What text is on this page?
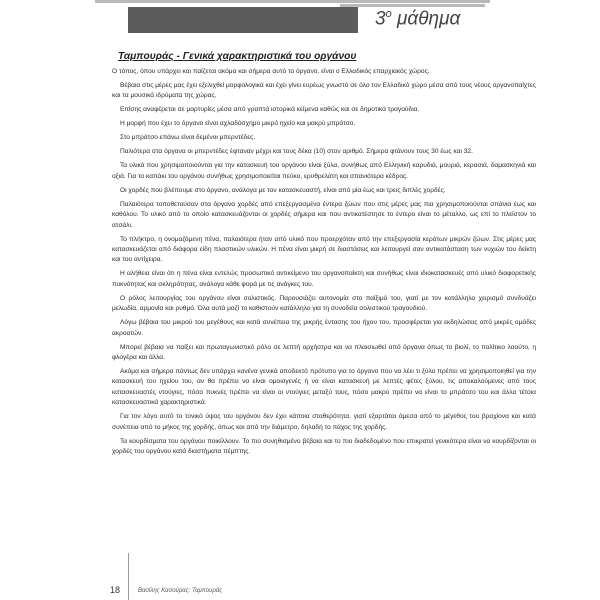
$3^o$ μάθημα
Ταμπουράς - Γενικά χαρακτηριστικά του οργάνου

Ο τόπος, όπου υπάρχει και παίζεται ακόμα και σήμερα αυτό το όργανο, είναι ο Ελλαδικός επαρχιακός χώρος.

Βέβαια στις μέρες μας έχει εξελιχθεί μορφολογικά και έχει γίνει ευρέως γνωστό σε όλο τον Ελλαδικό χώρο μέσα από τους νέους οργανοπαίχτες και τα μουσικά ιδρύματα της χώρας.

Επίσης αναφέρεται σε μαρτυρίες μέσα από γραπτά ιστορικά κείμενα καθώς και σε δημοτικά τραγούδια.

Η μορφή που έχει το όργανο είναι αχλαδόσχημο μικρό ηχείο και μακρύ μπράτσο.

Στο μπράτσο επάνω είναι δεμένοι μπερντέδες.

Παλιότερα στα όργανα οι μπερντέδες έφταναν μέχρι και τους δέκα (10) στον αριθμό. Σήμερα φτάνουν τους 30 έως και 32.

Τα υλικά που χρησιμοποιούνται για την κατασκευή του οργάνου είναι ξύλα, συνήθως από Ελληνική καρυδιά, μουριά, κερασιά, δαμασκηνιά και οξιά. Για το καπάκι του οργάνου συνήθως χρησιμοποιείται πεύκο, ερυθρελάτη και σπανιότερα κέδρος.

Οι χορδές που βλέπουμε στο όργανο, ανάλογα με τον κατασκευαστή, είναι από μία έως και τρεις διπλές χορδές.

Παλαιότερα τοποθετούσαν στα όργανα χορδές από επεξεργασμένα έντερα ζώων που στις μέρες μας πια χρησιμοποιούνται σπάνια έως και καθόλου. Το υλικό από το οποίο κατασκευάζονται οι χορδές σήμερα και που αντικατέστησε το έντερο είναι το μέταλλο, ως επί το πλείστον το ατσάλι.

Το πλήκτρο, η ονομαζόμενη πένα, παλαιότερα ήταν από υλικό που προερχόταν από την επεξεργασία κεράτων μικρών ζώων. Στις μέρες μας κατασκευάζεται από διάφορα είδη πλαστικών υλικών. Η πένα είναι μικρή σε διαστάσεις και λειτουργεί σαν αντικατάσταση των νυχιών του δείκτη και του αντίχειρα.

Η αλήθεια είναι ότι η πένα είναι εντελώς προσωπικό αντικείμενο του οργανοπαίκτη και συνήθως είναι ιδιοκατασκευές από υλικό διαφορετικής πυκνότητας και σκληρότητας, ανάλογα κάθε φορά με τις ανάγκες του.

Ο ρόλος λειτουργίας του οργάνου είναι σολιστικός. Παρουσιάζει αυτονομία στο παίξιμό του, γιατί με τον κατάλληλο χειρισμό συνδυάζει μελωδία, αρμονία και ρυθμό. Όλα αυτά μαζί το καθιστούν κατάλληλο για τη συνοδεία σολιστικού τραγουδιού.

Λόγω βέβαια του μικρού του μεγέθους και κατά συνέπεια της μικρής έντασης του ήχου του, προσφέρεται για εκδηλώσεις από μικρές ομάδες ακροατών.

Μπορεί βέβαια να παίξει και πρωταγωνιστικό ρόλο σε λεπτή ορχήστρα και να πλαισιωθεί από όργανα όπως το βιολί, το πολίτικο λαούτο, η φλογέρα και άλλα.

Ακόμα και σήμερα πάντως δεν υπάρχει κανένα γενικά αποδεκτό πρότυπο για το όργανο που να λέει τι ξύλο πρέπει να χρησιμοποιηθεί για την κατασκευή του ηχείου του, αν θα πρέπει να είναι ομοιογενές ή να είναι κατασκευή με λεπτές φέτες ξύλου, τις αποκαλούμενες από τους κατασκευαστές ντούγιες, πόσο πυκνές πρέπει να είναι οι ντούγιες μεταξύ τους, πόσο μακρύ πρέπει να είναι το μπράτσο του και άλλα τέτοια κατασκευαστικά χαρακτηριστικά.

Για τον λόγο αυτό το τονικό ύψος του οργάνου δεν έχει κάποια σταθερότητα, γιατί εξαρτάται άμεσα από το μέγεθος του βραχίονα και κατά συνέπεια από το μήκος της χορδής, όπως και από την διάμετρο, δηλαδή το πάχος της χορδής.

Τα κουρδίσματα του οργάνου ποικίλλουν. Το πιο συνηθισμένο βέβαια και το πιο διαδεδομένο που επικρατεί γενικότερα είναι να κουρδίζονται οι χορδές του οργάνου κατά διαστήματα πέμπτης.

18	Βασίλης Κασούρας: Ταμπουράς
